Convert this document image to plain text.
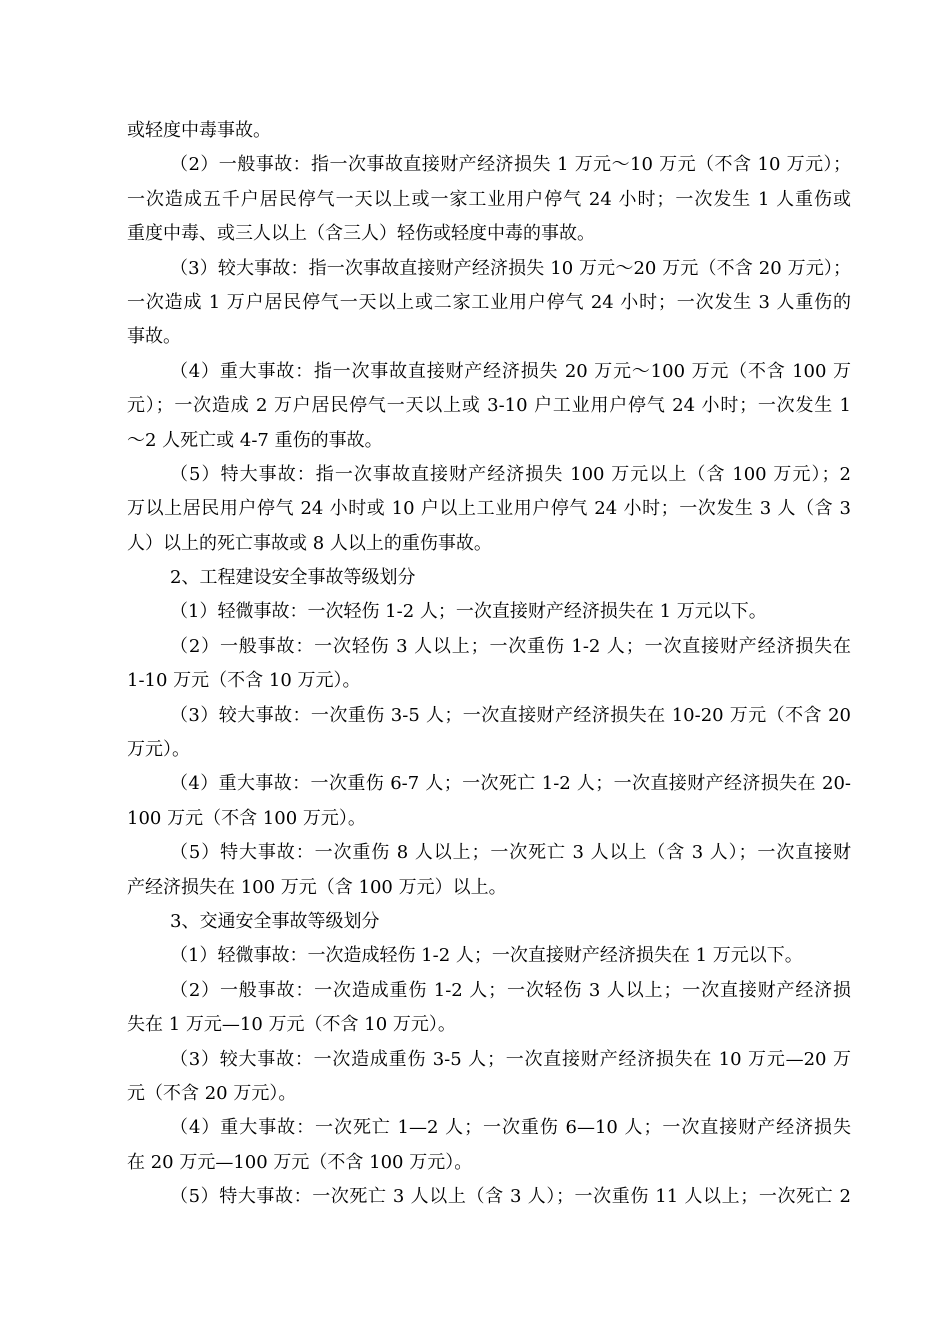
或轻度中毒事故。
（2）一般事故：指一次事故直接财产经济损失 1 万元～10 万元（不含 10 万元）；
一次造成五千户居民停气一天以上或一家工业用户停气 24 小时；一次发生 1 人重伤或
重度中毒、或三人以上（含三人）轻伤或轻度中毒的事故。
（3）较大事故：指一次事故直接财产经济损失 10 万元～20 万元（不含 20 万元）；
一次造成 1 万户居民停气一天以上或二家工业用户停气 24 小时；一次发生 3 人重伤的
事故。
（4）重大事故：指一次事故直接财产经济损失 20 万元～100 万元（不含 100 万
元）；一次造成 2 万户居民停气一天以上或 3-10 户工业用户停气 24 小时；一次发生 1
～2 人死亡或 4-7 重伤的事故。
（5）特大事故：指一次事故直接财产经济损失 100 万元以上（含 100 万元）；2
万以上居民用户停气 24 小时或 10 户以上工业用户停气 24 小时；一次发生 3 人（含 3
人）以上的死亡事故或 8 人以上的重伤事故。
2、工程建设安全事故等级划分
（1）轻微事故：一次轻伤 1-2 人；一次直接财产经济损失在 1 万元以下。
（2）一般事故：一次轻伤 3 人以上；一次重伤 1-2 人；一次直接财产经济损失在
1-10 万元（不含 10 万元）。
（3）较大事故：一次重伤 3-5 人；一次直接财产经济损失在 10-20 万元（不含 20
万元）。
（4）重大事故：一次重伤 6-7 人；一次死亡 1-2 人；一次直接财产经济损失在 20-
100 万元（不含 100 万元）。
（5）特大事故：一次重伤 8 人以上；一次死亡 3 人以上（含 3 人）；一次直接财
产经济损失在 100 万元（含 100 万元）以上。
3、交通安全事故等级划分
（1）轻微事故：一次造成轻伤 1-2 人；一次直接财产经济损失在 1 万元以下。
（2）一般事故：一次造成重伤 1-2 人；一次轻伤 3 人以上；一次直接财产经济损
失在 1 万元—10 万元（不含 10 万元）。
（3）较大事故：一次造成重伤 3-5 人；一次直接财产经济损失在 10 万元—20 万
元（不含 20 万元）。
（4）重大事故：一次死亡 1—2 人；一次重伤 6—10 人；一次直接财产经济损失
在 20 万元—100 万元（不含 100 万元）。
（5）特大事故：一次死亡 3 人以上（含 3 人）；一次重伤 11 人以上；一次死亡 2
